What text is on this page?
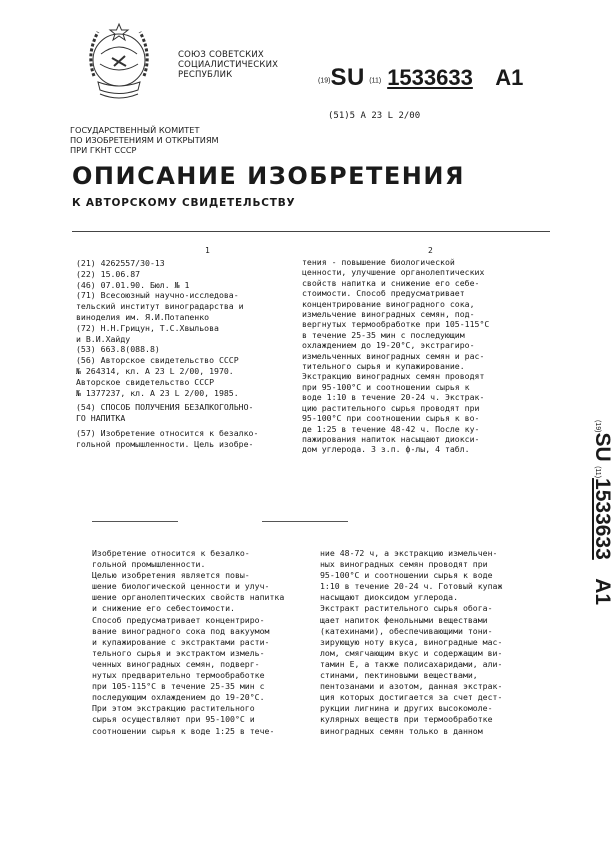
СОЮЗ СОВЕТСКИХ
СОЦИАЛИСТИЧЕСКИХ
РЕСПУБЛИК
(19)SU (11) 1533633 A1
(51)5 A 23 L 2/00
ГОСУДАРСТВЕННЫЙ КОМИТЕТ
ПО ИЗОБРЕТЕНИЯМ И ОТКРЫТИЯМ
ПРИ ГКНТ СССР
ОПИСАНИЕ ИЗОБРЕТЕНИЯ
К АВТОРСКОМУ СВИДЕТЕЛЬСТВУ
1	2
(21) 4262557/30-13
(22) 15.06.87
(46) 07.01.90. Бюл. № 1
(71) Всесоюзный научно-исследова-
тельский институт виноградарства и
виноделия им. Я.И.Потапенко
(72) Н.Н.Грицун, Т.С.Хвыльова
и В.И.Хайду
(53) 663.8(088.8)
(56) Авторское свидетельство СССР
№ 264314, кл. А 23 L 2/00, 1970.
Авторское свидетельство СССР
№ 1377237, кл. А 23 L 2/00, 1985.
(54) СПОСОБ ПОЛУЧЕНИЯ БЕЗАЛКОГОЛЬНО-
ГО НАПИТКА
(57) Изобретение относится к безалко-
гольной промышленности. Цель изобре-
тения - повышение биологической
ценности, улучшение органолептических
свойств напитка и снижение его себе-
стоимости. Способ предусматривает
концентрирование виноградного сока,
измельчение виноградных семян, под-
вергнутых термообработке при 105-115°С
в течение 25-35 мин с последующим
охлаждением до 19-20°С, экстрагиро-
измельченных виноградных семян и рас-
тительного сырья и купажирование.
Экстракцию виноградных семян проводят
при 95-100°С и соотношении сырья к
воде 1:10 в течение 20-24 ч. Экстрак-
цию растительного сырья проводят при
95-100°С при соотношении сырья к во-
де 1:25 в течение 48-42 ч. После ку-
пажирования напиток насыщают диокси-
дом углерода. 3 з.п. ф-лы, 4 табл.
(19)SU (11)1533633 A1
Изобретение относится к безалко-
гольной промышленности.
Целью изобретения является повы-
шение биологической ценности и улуч-
шение органолептических свойств напитка
и снижение его себестоимости.
Способ предусматривает концентриро-
вание виноградного сока под вакуумом
и купажирование с экстрактами расти-
тельного сырья и экстрактом измель-
ченных виноградных семян, подверг-
нутых предварительно термообработке
при 105-115°С в течение 25-35 мин с
последующим охлаждением до 19-20°С.
При этом экстракцию растительного
сырья осуществляют при 95-100°С и
соотношении сырья к воде 1:25 в тече-
ние 48-72 ч, а экстракцию измельчен-
ных виноградных семян проводят при
95-100°С и соотношении сырья к воде
1:10 в течение 20-24 ч. Готовый купаж
насыщают диоксидом углерода.
Экстракт растительного сырья обога-
щает напиток фенольными веществами
(катехинами), обеспечивающими тони-
зирующую ноту вкуса, виноградные мас-
лом, смягчающим вкус и содержащим ви-
тамин Е, а также полисахаридами, али-
стинами, пектиновыми веществами,
пентозанами и азотом, данная экстрак-
ция которых достигается за счет дест-
рукции лигнина и других высокомоле-
кулярных веществ при термообработке
виноградных семян только в данном
